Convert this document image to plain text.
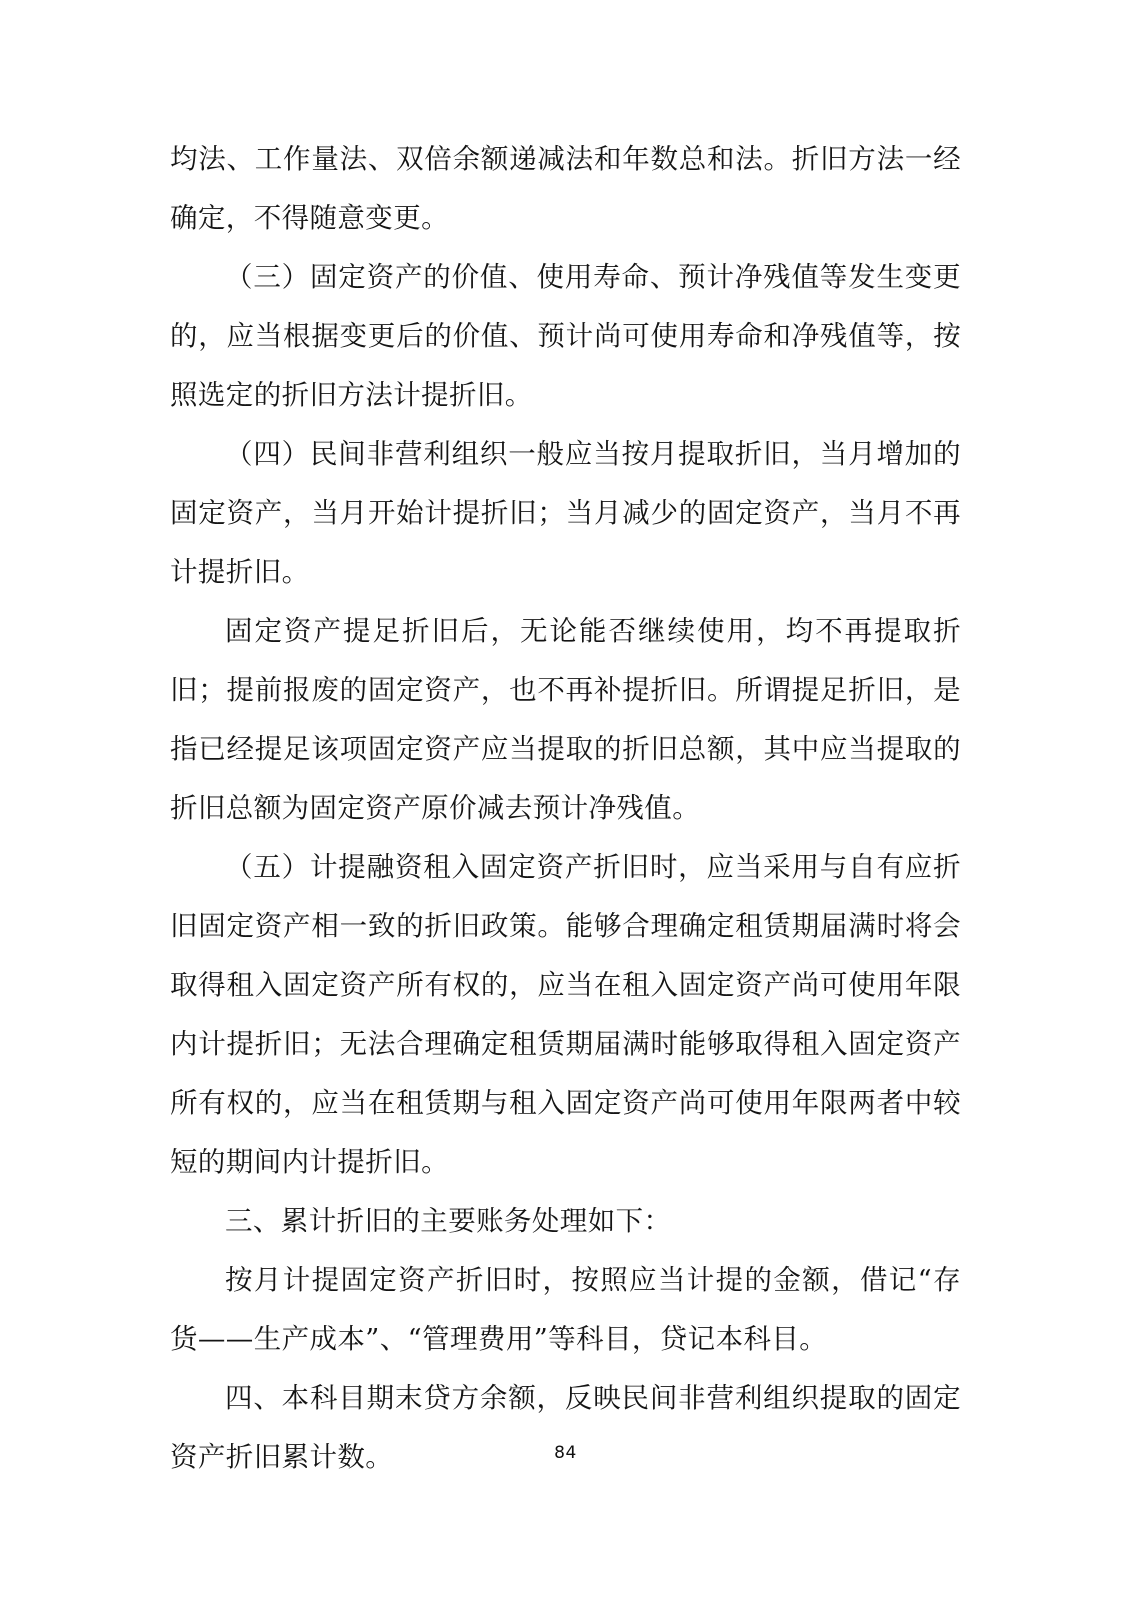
均法、工作量法、双倍余额递减法和年数总和法。折旧方法一经确定，不得随意变更。

（三）固定资产的价值、使用寿命、预计净残值等发生变更的，应当根据变更后的价值、预计尚可使用寿命和净残值等，按照选定的折旧方法计提折旧。

（四）民间非营利组织一般应当按月提取折旧，当月增加的固定资产，当月开始计提折旧；当月减少的固定资产，当月不再计提折旧。

固定资产提足折旧后，无论能否继续使用，均不再提取折旧；提前报废的固定资产，也不再补提折旧。所谓提足折旧，是指已经提足该项固定资产应当提取的折旧总额，其中应当提取的折旧总额为固定资产原价减去预计净残值。

（五）计提融资租入固定资产折旧时，应当采用与自有应折旧固定资产相一致的折旧政策。能够合理确定租赁期届满时将会取得租入固定资产所有权的，应当在租入固定资产尚可使用年限内计提折旧；无法合理确定租赁期届满时能够取得租入固定资产所有权的，应当在租赁期与租入固定资产尚可使用年限两者中较短的期间内计提折旧。

三、累计折旧的主要账务处理如下：

按月计提固定资产折旧时，按照应当计提的金额，借记“存货——生产成本”、“管理费用”等科目，贷记本科目。

四、本科目期末贷方余额，反映民间非营利组织提取的固定资产折旧累计数。	84
